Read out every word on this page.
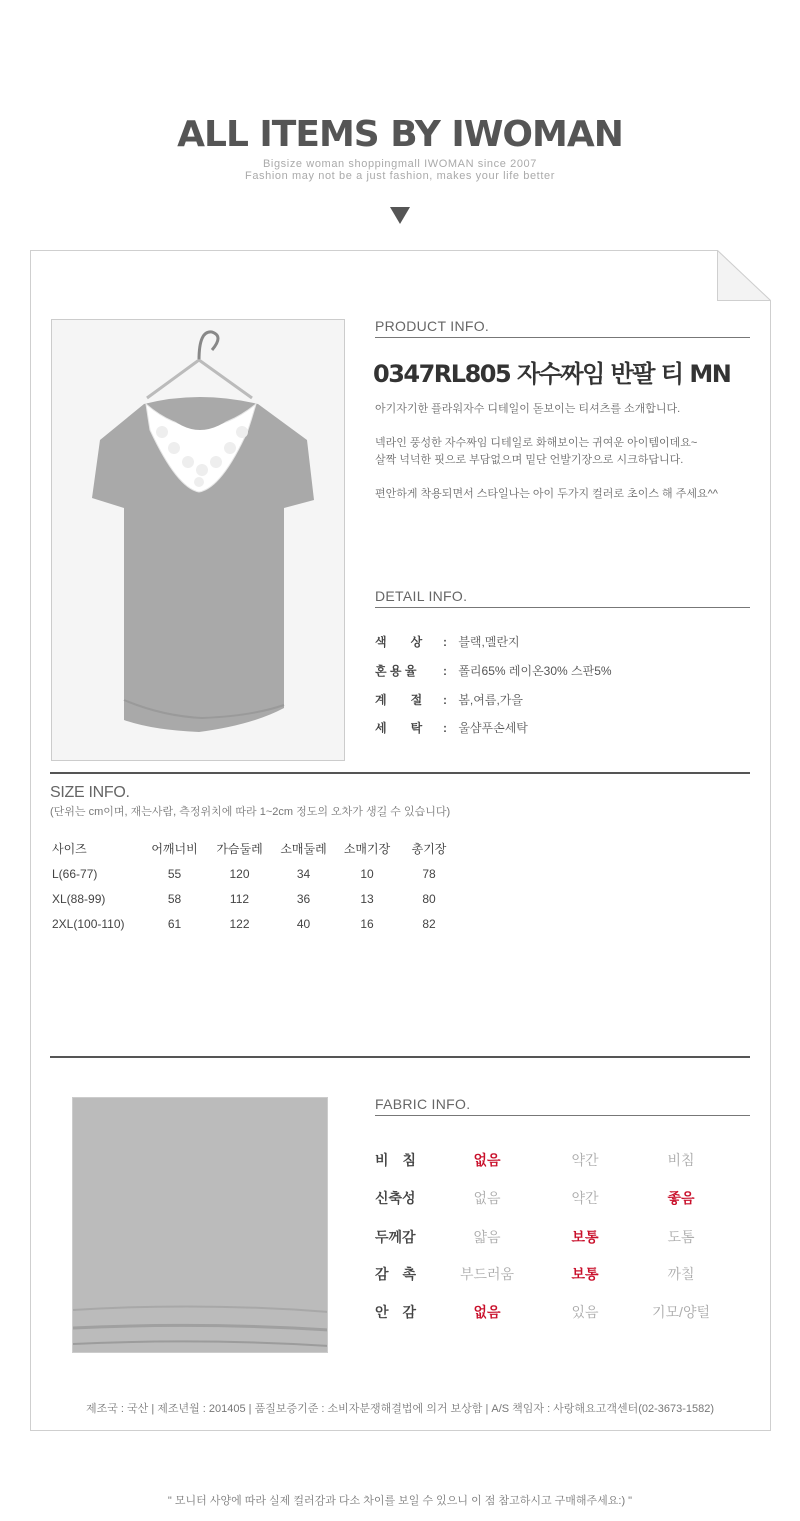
ALL ITEMS BY IWOMAN
Bigsize woman shoppingmall IWOMAN since 2007
Fashion may not be a just fashion, makes your life better
PRODUCT INFO.
0347RL805 자수짜임 반팔 티 MN

아기자기한 플라워자수 디테일이 돋보이는 티셔츠를 소개합니다.

넥라인 풍성한 자수짜임 디테일로 화해보이는 귀여운 아이템이데요~

살짝 넉넉한 핏으로 부담없으며 밑단 언발기장으로 시크하답니다.

편안하게 착용되면서 스타일나는 아이 두가지 컬러로 초이스 해 주세요^^

DETAIL INFO.
색　　상 : 블랙,멜란지
혼 용 율 : 폴리65% 레이온30% 스판5%
계　　절 : 봄,여름,가을
세　　탁 : 울샴푸손세탁
SIZE INFO.
(단위는 cm이며, 재는사람, 측정위치에 따라 1~2cm 정도의 오차가 생길 수 있습니다)
사이즈	어깨너비	가슴둘레	소매둘레	소매기장	총기장
L(66-77)	55	120	34	10	78
XL(88-99)	58	112	36	13	80
2XL(100-110)	61	122	40	16	82
FABRIC INFO.
비　침	없음	약간	비침
신축성	없음	약간	좋음
두께감	얇음	보통	도톰
감　촉	부드러움	보통	까칠
안　감	없음	있음	기모/양털
제조국 : 국산 | 제조년월 : 201405 | 품질보증기준 : 소비자분쟁해결법에 의거 보상함 | A/S 책임자 : 사랑해요고객센터(02-3673-1582)
" 모니터 사양에 따라 실제 컬러감과 다소 차이를 보일 수 있으니 이 점 참고하시고 구매해주세요:) "
